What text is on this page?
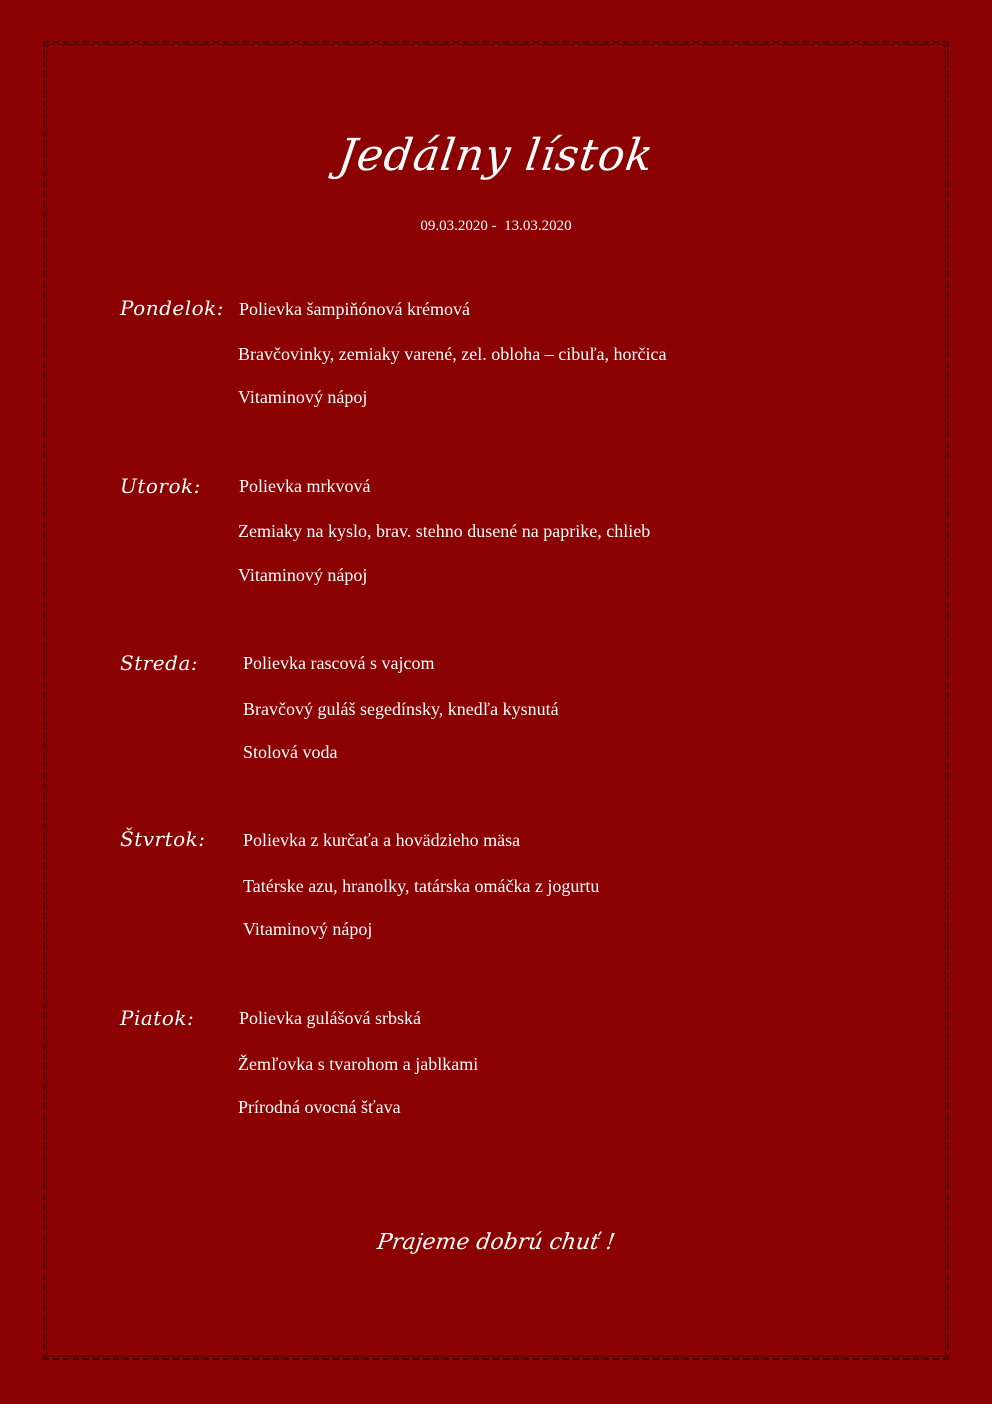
Jedálny lístok
09.03.2020 -  13.03.2020
Pondelok: Polievka šampiňónová krémová
Bravčovinky, zemiaky varené, zel. obloha – cibuľa, horčica
Vitaminový nápoj
Utorok: Polievka mrkvová
Zemiaky na kyslo, brav. stehno dusené na paprike, chlieb
Vitaminový nápoj
Streda: Polievka rascová s vajcom
Bravčový guláš segedínsky, knedľa kysnutá
Stolová voda
Štvrtok: Polievka z kurčaťa a hovädzieho mäsa
Tatérske azu, hranolky, tatárska omáčka z jogurtu
Vitaminový nápoj
Piatok: Polievka gulášová srbská
Žemľovka s tvarohom a jablkami
Prírodná ovocná šťava
Prajeme dobrú chuť !
